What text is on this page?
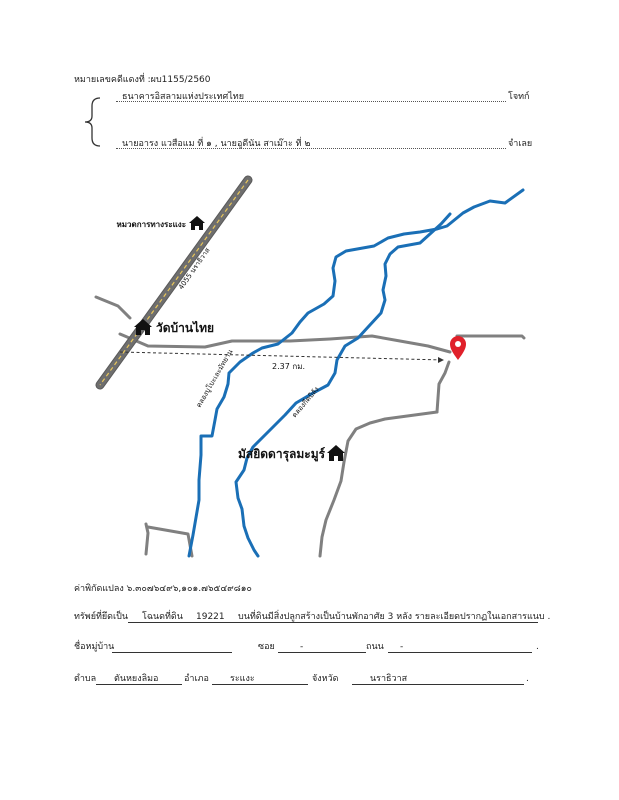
หมายเลขคดีแดงที่ :ผบ1155/2560
ธนาคารอิสลามแห่งประเทศไทย	โจทก์
นายอารง แวสือแม ที่ ๑ , นายอูดีนัน สาเม๊าะ ที่ ๒	จำเลย
หมวดการทางระแงะ
4055 นราธิวาส
วัดบ้านไทย
2.37 กม.
คลองบูโบะเละมัทยาน	คลองกีตบิลัง
มัสยิดดารุลมะมูร์
ค่าพิกัดแปลง ๖.๓๐๗๖๔๙๖,๑๐๑.๗๖๕๔๙๘๑๐
ทรัพย์ที่ยึดเป็น โฉนดที่ดิน 19221 บนที่ดินมีสิ่งปลูกสร้างเป็นบ้านพักอาศัย 3 หลัง รายละเอียดปรากฏในเอกสารแนบ .
ชื่อหมู่บ้าน	ซอย	-	ถนน -	.
ตำบล ตันหยงลิมอ	อำเภอ ระแงะ	จังหวัด	นราธิวาส	.
